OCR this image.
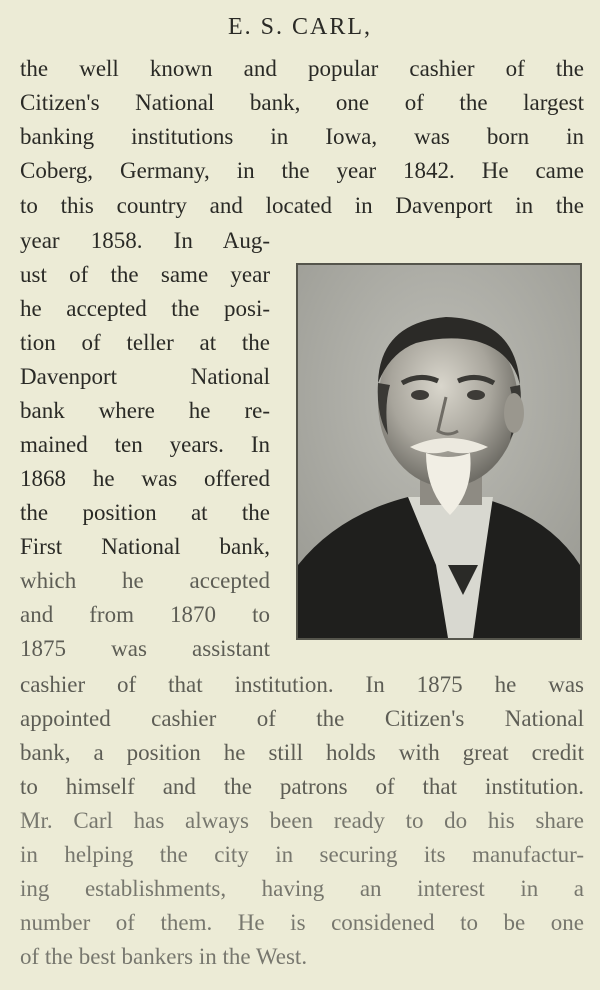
E. S. CARL,
the well known and popular cashier of the
Citizen's National bank, one of the largest
banking institutions in Iowa, was born in
Coberg, Germany, in the year 1842. He came
to this country and located in Davenport in the
year 1858. In Aug-
ust of the same year
he accepted the posi-
tion of teller at the
Davenport National
bank where he re-
mained ten years. In
1868 he was offered
the position at the
First National bank,
which he accepted
and from 1870 to
1875 was assistant
cashier of that institution. In 1875 he was
appointed cashier of the Citizen's National
bank, a position he still holds with great credit
to himself and the patrons of that institution.
Mr. Carl has always been ready to do his share
in helping the city in securing its manufactur-
ing establishments, having an interest in a
number of them. He is considened to be one
of the best bankers in the West.
